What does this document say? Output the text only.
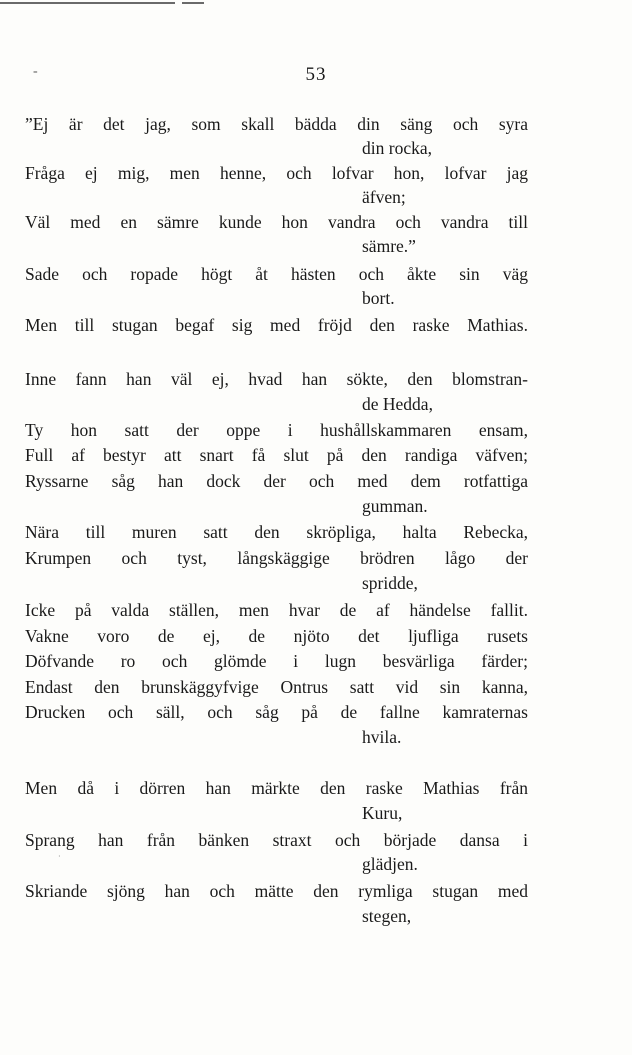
-
·
53
”Ej är det jag, som skall bädda din säng och syra
din rocka,
Fråga ej mig, men henne, och lofvar hon, lofvar jag
äfven;
Väl med en sämre kunde hon vandra och vandra till
sämre.”
Sade och ropade högt åt hästen och åkte sin väg
bort.
Men till stugan begaf sig med fröjd den raske Mathias.
Inne fann han väl ej, hvad han sökte, den blomstran-
de Hedda,
Ty hon satt der oppe i hushållskammaren ensam,
Full af bestyr att snart få slut på den randiga väfven;
Ryssarne såg han dock der och med dem rotfattiga
gumman.
Nära till muren satt den skröpliga, halta Rebecka,
Krumpen och tyst, långskäggige brödren lågo der
spridde,
Icke på valda ställen, men hvar de af händelse fallit.
Vakne voro de ej, de njöto det ljufliga rusets
Döfvande ro och glömde i lugn besvärliga färder;
Endast den brunskäggyfvige Ontrus satt vid sin kanna,
Drucken och säll, och såg på de fallne kamraternas
hvila.
Men då i dörren han märkte den raske Mathias från
Kuru,
Sprang han från bänken straxt och började dansa i
glädjen.
Skriande sjöng han och mätte den rymliga stugan med
stegen,
